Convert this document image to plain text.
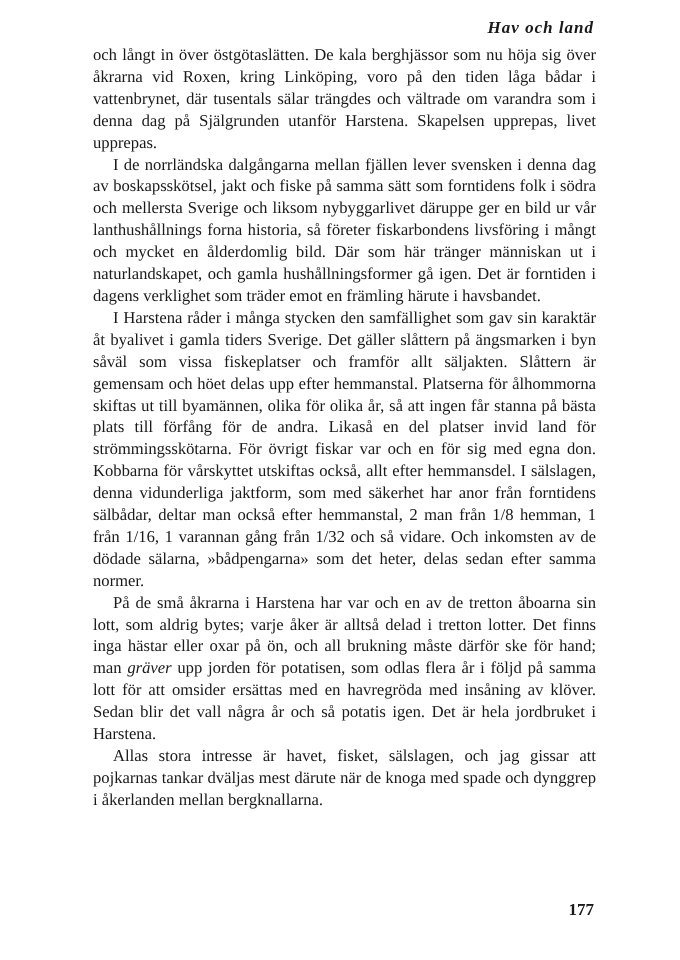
Hav och land

och långt in över östgötaslätten. De kala berghjässor som nu höja sig över åkrarna vid Roxen, kring Linköping, voro på den tiden låga bådar i vattenbrynet, där tusentals sälar trängdes och vältrade om varandra som i denna dag på Själgrunden utanför Harstena. Skapelsen upprepas, livet upprepas.

I de norrländska dalgångarna mellan fjällen lever svensken i denna dag av boskapsskötsel, jakt och fiske på samma sätt som forntidens folk i södra och mellersta Sverige och liksom nybyggarlivet däruppe ger en bild ur vår lanthushållnings forna historia, så företer fiskarbondens livsföring i mångt och mycket en ålderdomlig bild. Där som här tränger människan ut i naturlandskapet, och gamla hushållningsformer gå igen. Det är forntiden i dagens verklighet som träder emot en främling härute i havsbandet.

I Harstena råder i många stycken den samfällighet som gav sin karaktär åt byalivet i gamla tiders Sverige. Det gäller slåttern på ängsmarken i byn såväl som vissa fiskeplatser och framför allt säljakten. Slåttern är gemensam och höet delas upp efter hemmanstal. Platserna för ålhommorna skiftas ut till byamännen, olika för olika år, så att ingen får stanna på bästa plats till förfång för de andra. Likaså en del platser invid land för strömmingsskötarna. För övrigt fiskar var och en för sig med egna don. Kobbarna för vårskyttet utskiftas också, allt efter hemmansdel. I sälslagen, denna vidunderliga jaktform, som med säkerhet har anor från forntidens sälbådar, deltar man också efter hemmanstal, 2 man från 1/8 hemman, 1 från 1/16, 1 varannan gång från 1/32 och så vidare. Och inkomsten av de dödade sälarna, »bådpengarna» som det heter, delas sedan efter samma normer.

På de små åkrarna i Harstena har var och en av de tretton åboarna sin lott, som aldrig bytes; varje åker är alltså delad i tretton lotter. Det finns inga hästar eller oxar på ön, och all brukning måste därför ske för hand; man gräver upp jorden för potatisen, som odlas flera år i följd på samma lott för att omsider ersättas med en havregröda med insåning av klöver. Sedan blir det vall några år och så potatis igen. Det är hela jordbruket i Harstena.

Allas stora intresse är havet, fisket, sälslagen, och jag gissar att pojkarnas tankar dväljas mest därute när de knoga med spade och dynggrep i åkerlanden mellan bergknallarna.

177
